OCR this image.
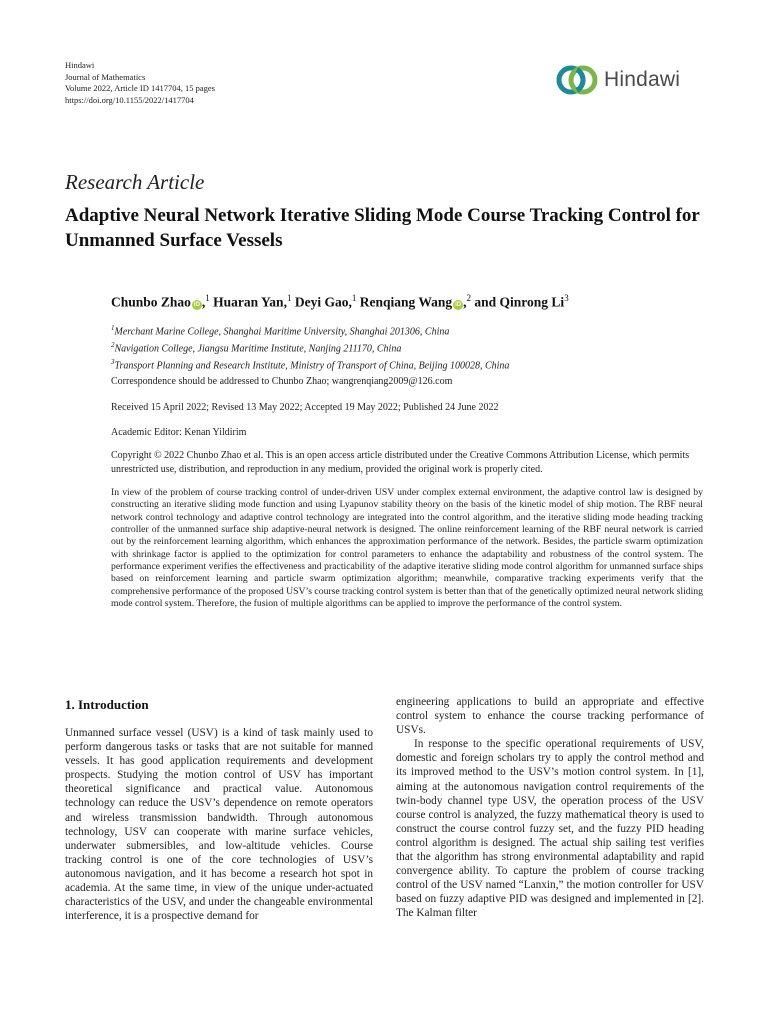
Hindawi
Journal of Mathematics
Volume 2022, Article ID 1417704, 15 pages
https://doi.org/10.1155/2022/1417704
Hindawi
Research Article
Adaptive Neural Network Iterative Sliding Mode Course Tracking Control for Unmanned Surface Vessels
Chunbo Zhao iD ,$^1$ Huaran Yan,$^1$ Deyi Gao,$^1$ Renqiang Wang iD ,$^2$ and Qinrong Li$^3$
$^1$Merchant Marine College, Shanghai Maritime University, Shanghai 201306, China
$^2$Navigation College, Jiangsu Maritime Institute, Nanjing 211170, China
$^3$Transport Planning and Research Institute, Ministry of Transport of China, Beijing 100028, China
Correspondence should be addressed to Chunbo Zhao; wangrenqiang2009@126.com
Received 15 April 2022; Revised 13 May 2022; Accepted 19 May 2022; Published 24 June 2022
Academic Editor: Kenan Yildirim
Copyright © 2022 Chunbo Zhao et al. This is an open access article distributed under the Creative Commons Attribution License, which permits unrestricted use, distribution, and reproduction in any medium, provided the original work is properly cited.
In view of the problem of course tracking control of under-driven USV under complex external environment, the adaptive control law is designed by constructing an iterative sliding mode function and using Lyapunov stability theory on the basis of the kinetic model of ship motion. The RBF neural network control technology and adaptive control technology are integrated into the control algorithm, and the iterative sliding mode heading tracking controller of the unmanned surface ship adaptive-neural network is designed. The online reinforcement learning of the RBF neural network is carried out by the reinforcement learning algorithm, which enhances the approximation performance of the network. Besides, the particle swarm optimization with shrinkage factor is applied to the optimization for control parameters to enhance the adaptability and robustness of the control system. The performance experiment verifies the effectiveness and practicability of the adaptive iterative sliding mode control algorithm for unmanned surface ships based on reinforcement learning and particle swarm optimization algorithm; meanwhile, comparative tracking experiments verify that the comprehensive performance of the proposed USV’s course tracking control system is better than that of the genetically optimized neural network sliding mode control system. Therefore, the fusion of multiple algorithms can be applied to improve the performance of the control system.
1. Introduction

Unmanned surface vessel (USV) is a kind of task mainly used to perform dangerous tasks or tasks that are not suitable for manned vessels. It has good application requirements and development prospects. Studying the motion control of USV has important theoretical significance and practical value. Autonomous technology can reduce the USV’s dependence on remote operators and wireless transmission bandwidth. Through autonomous technology, USV can cooperate with marine surface vehicles, underwater submersibles, and low-altitude vehicles. Course tracking control is one of the core technologies of USV’s autonomous navigation, and it has become a research hot spot in academia. At the same time, in view of the unique under-actuated characteristics of the USV, and under the changeable environmental interference, it is a prospective demand for

engineering applications to build an appropriate and effective control system to enhance the course tracking performance of USVs.

In response to the specific operational requirements of USV, domestic and foreign scholars try to apply the control method and its improved method to the USV’s motion control system. In [1], aiming at the autonomous navigation control requirements of the twin-body channel type USV, the operation process of the USV course control is analyzed, the fuzzy mathematical theory is used to construct the course control fuzzy set, and the fuzzy PID heading control algorithm is designed. The actual ship sailing test verifies that the algorithm has strong environmental adaptability and rapid convergence ability. To capture the problem of course tracking control of the USV named “Lanxin,” the motion controller for USV based on fuzzy adaptive PID was designed and implemented in [2]. The Kalman filter
